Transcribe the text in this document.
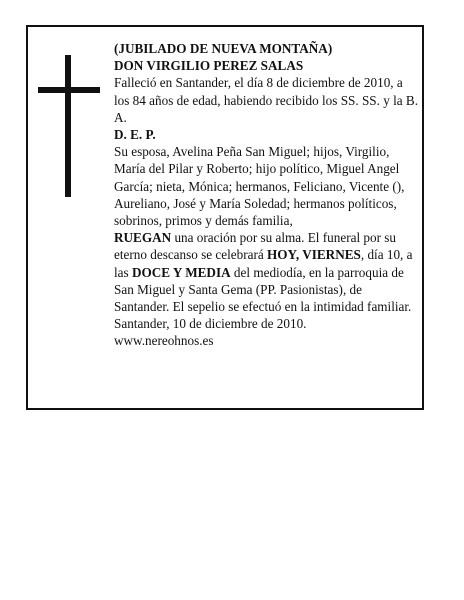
(JUBILADO DE NUEVA MONTAÑA)

DON VIRGILIO PEREZ SALAS

Falleció en Santander, el día 8 de diciembre de 2010, a los 84 años de edad, habiendo recibido los SS. SS. y la B. A.

D. E. P.

Su esposa, Avelina Peña San Miguel; hijos, Virgilio, María del Pilar y Roberto; hijo político, Miguel Angel García; nieta, Mónica; hermanos, Feliciano, Vicente (), Aureliano, José y María Soledad; hermanos políticos, sobrinos, primos y demás familia,

RUEGAN una oración por su alma. El funeral por su eterno descanso se celebrará HOY, VIERNES, día 10, a las DOCE Y MEDIA del mediodía, en la parroquia de San Miguel y Santa Gema (PP. Pasionistas), de Santander. El sepelio se efectuó en la intimidad familiar.

Santander, 10 de diciembre de 2010.

www.nereohnos.es
